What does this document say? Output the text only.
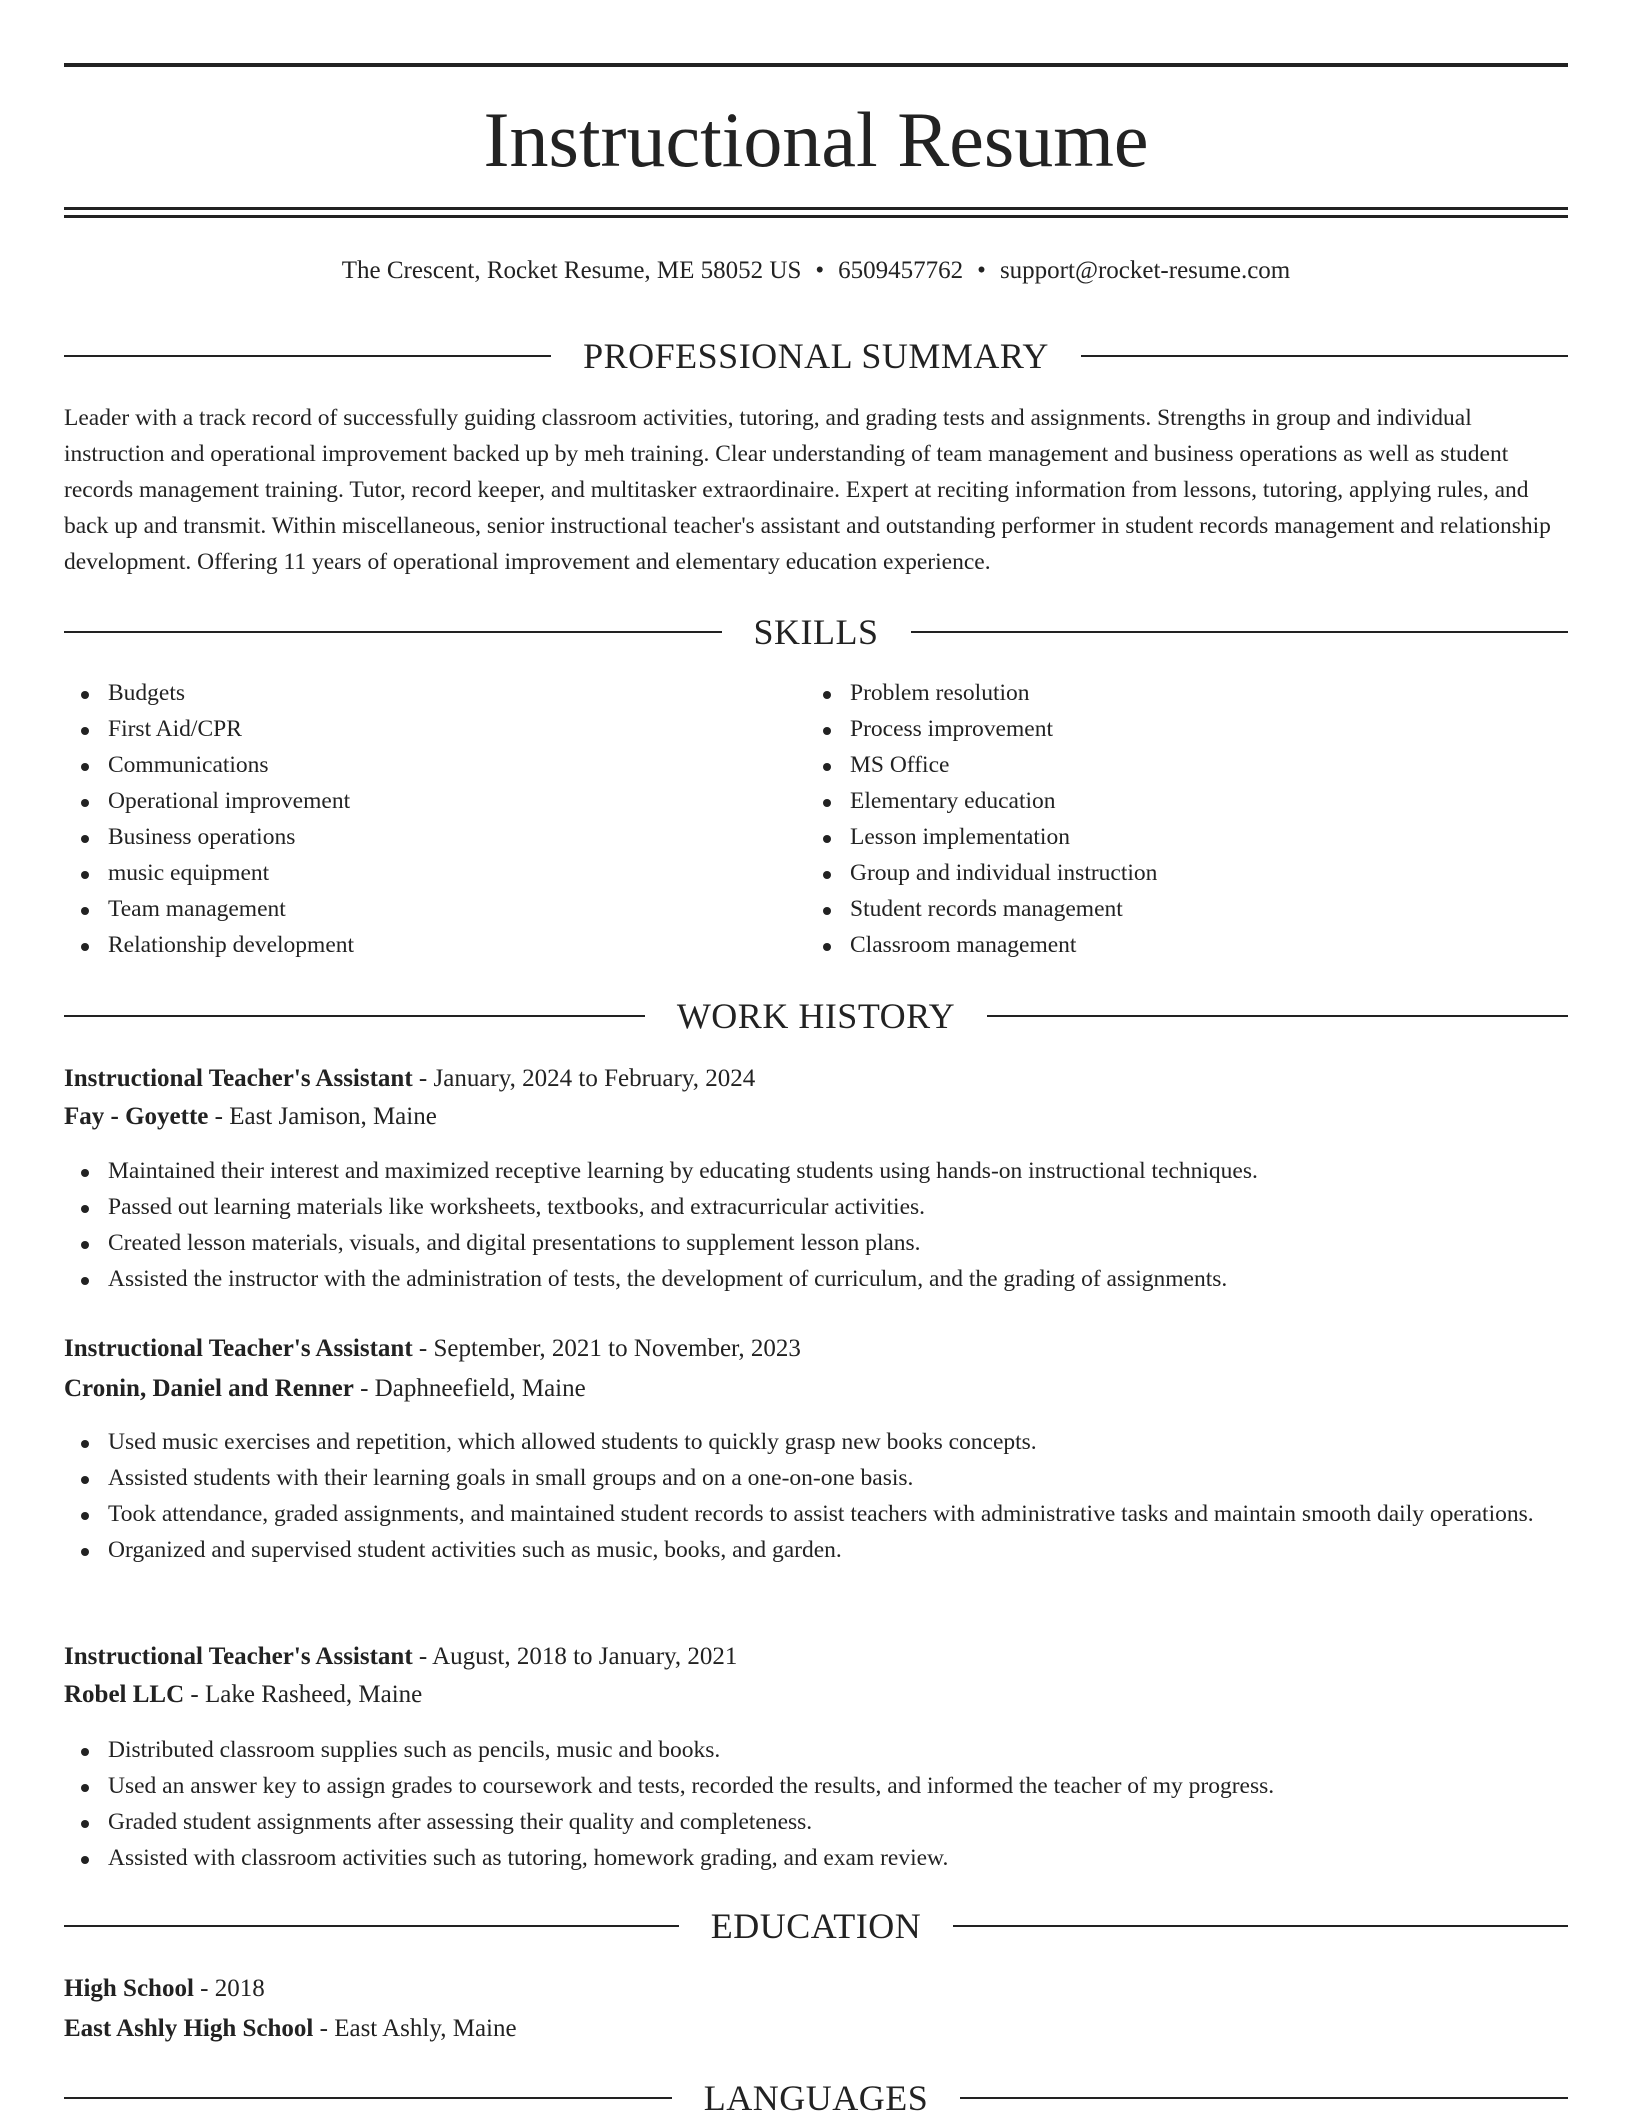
Instructional Resume
The Crescent, Rocket Resume, ME 58052 US • 6509457762 • support@rocket-resume.com
PROFESSIONAL SUMMARY

Leader with a track record of successfully guiding classroom activities, tutoring, and grading tests and assignments. Strengths in group and individual instruction and operational improvement backed up by meh training. Clear understanding of team management and business operations as well as student records management training. Tutor, record keeper, and multitasker extraordinaire. Expert at reciting information from lessons, tutoring, applying rules, and back up and transmit. Within miscellaneous, senior instructional teacher's assistant and outstanding performer in student records management and relationship development. Offering 11 years of operational improvement and elementary education experience.

SKILLS
Budgets
First Aid/CPR
Communications
Operational improvement
Business operations
music equipment
Team management
Relationship development
Problem resolution
Process improvement
MS Office
Elementary education
Lesson implementation
Group and individual instruction
Student records management
Classroom management
WORK HISTORY
Instructional Teacher's Assistant - January, 2024 to February, 2024
Fay - Goyette - East Jamison, Maine
Maintained their interest and maximized receptive learning by educating students using hands-on instructional techniques.
Passed out learning materials like worksheets, textbooks, and extracurricular activities.
Created lesson materials, visuals, and digital presentations to supplement lesson plans.
Assisted the instructor with the administration of tests, the development of curriculum, and the grading of assignments.
Instructional Teacher's Assistant - September, 2021 to November, 2023
Cronin, Daniel and Renner - Daphneefield, Maine
Used music exercises and repetition, which allowed students to quickly grasp new books concepts.
Assisted students with their learning goals in small groups and on a one-on-one basis.
Took attendance, graded assignments, and maintained student records to assist teachers with administrative tasks and maintain smooth daily operations.
Organized and supervised student activities such as music, books, and garden.
Instructional Teacher's Assistant - August, 2018 to January, 2021
Robel LLC - Lake Rasheed, Maine
Distributed classroom supplies such as pencils, music and books.
Used an answer key to assign grades to coursework and tests, recorded the results, and informed the teacher of my progress.
Graded student assignments after assessing their quality and completeness.
Assisted with classroom activities such as tutoring, homework grading, and exam review.
EDUCATION
High School - 2018
East Ashly High School - East Ashly, Maine
LANGUAGES
